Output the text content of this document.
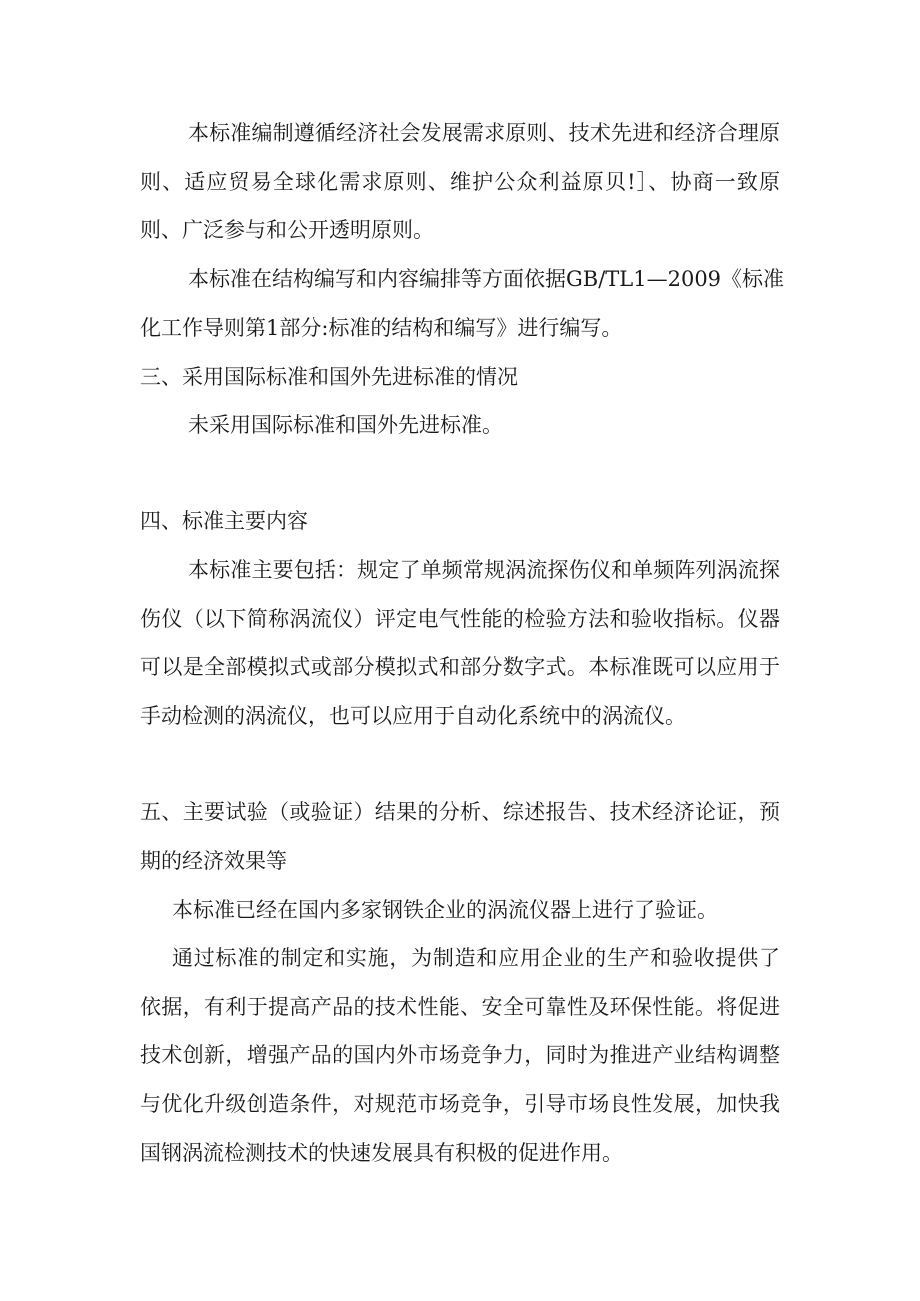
本标准编制遵循经济社会发展需求原则、技术先进和经济合理原
则、适应贸易全球化需求原则、维护公众利益原贝!］、协商一致原
则、广泛参与和公开透明原则。
本标准在结构编写和内容编排等方面依据GB/TL1—2009《标准
化工作导则第1部分:标准的结构和编写》进行编写。
三、采用国际标准和国外先进标准的情况
未采用国际标准和国外先进标准。
四、标准主要内容
本标准主要包括：规定了单频常规涡流探伤仪和单频阵列涡流探
伤仪（以下简称涡流仪）评定电气性能的检验方法和验收指标。仪器
可以是全部模拟式或部分模拟式和部分数字式。本标准既可以应用于
手动检测的涡流仪，也可以应用于自动化系统中的涡流仪。
五、主要试验（或验证）结果的分析、综述报告、技术经济论证，预
期的经济效果等
本标准已经在国内多家钢铁企业的涡流仪器上进行了验证。
通过标准的制定和实施，为制造和应用企业的生产和验收提供了
依据，有利于提高产品的技术性能、安全可靠性及环保性能。将促进
技术创新，增强产品的国内外市场竞争力，同时为推进产业结构调整
与优化升级创造条件，对规范市场竞争，引导市场良性发展，加快我
国钢涡流检测技术的快速发展具有积极的促进作用。
